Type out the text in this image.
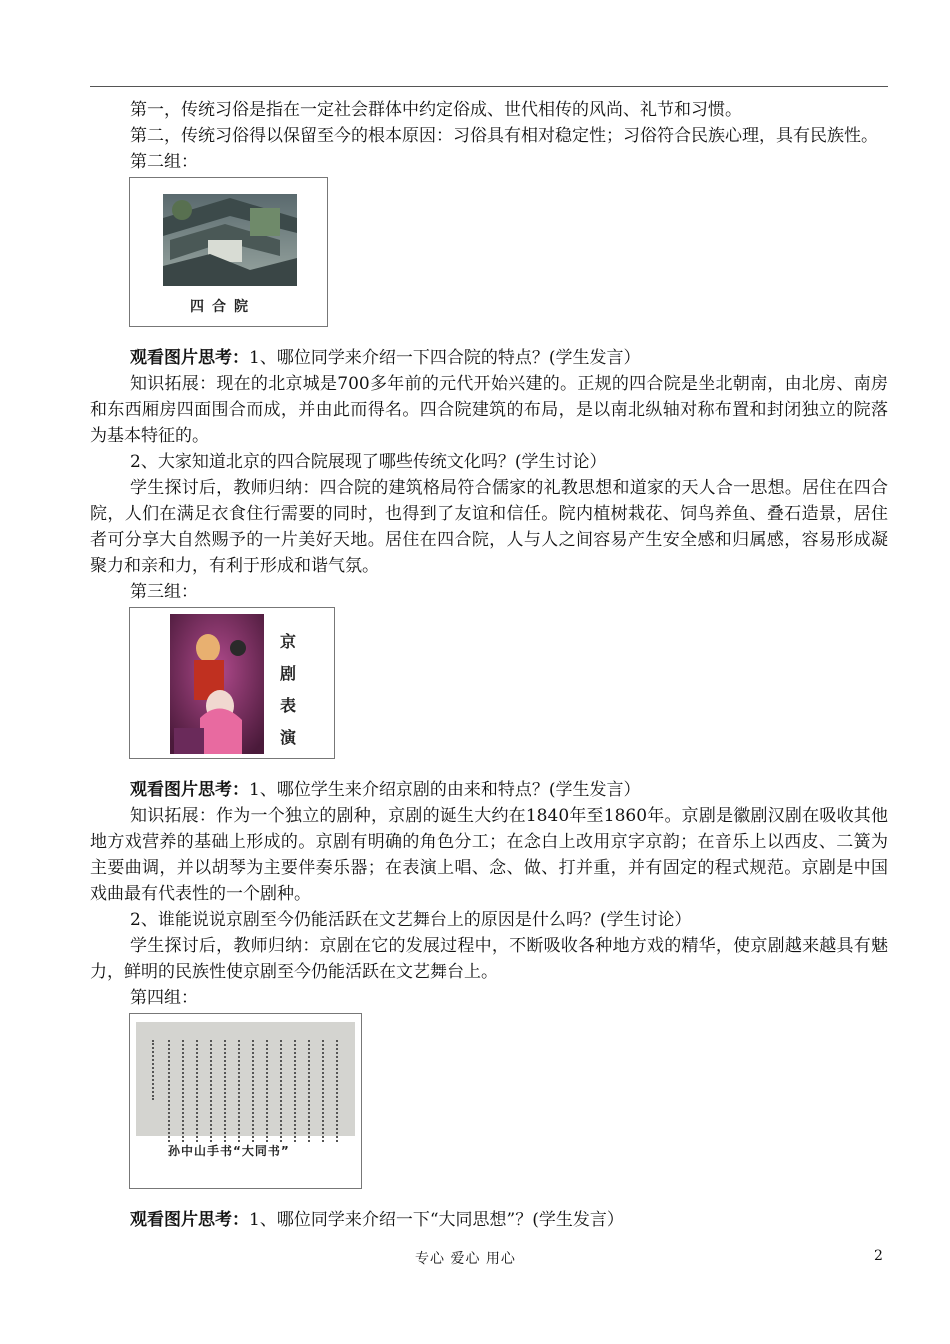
第一，传统习俗是指在一定社会群体中约定俗成、世代相传的风尚、礼节和习惯。

第二，传统习俗得以保留至今的根本原因：习俗具有相对稳定性；习俗符合民族心理，具有民族性。

第二组：

四合院

观看图片思考：1、哪位同学来介绍一下四合院的特点？(学生发言）

知识拓展：现在的北京城是700多年前的元代开始兴建的。正规的四合院是坐北朝南，由北房、南房和东西厢房四面围合而成，并由此而得名。四合院建筑的布局，是以南北纵轴对称布置和封闭独立的院落为基本特征的。

2、大家知道北京的四合院展现了哪些传统文化吗？(学生讨论）

学生探讨后，教师归纳：四合院的建筑格局符合儒家的礼教思想和道家的天人合一思想。居住在四合院，人们在满足衣食住行需要的同时，也得到了友谊和信任。院内植树栽花、饲鸟养鱼、叠石造景，居住者可分享大自然赐予的一片美好天地。居住在四合院，人与人之间容易产生安全感和归属感，容易形成凝聚力和亲和力，有利于形成和谐气氛。

第三组：

京剧表演

观看图片思考：1、哪位学生来介绍京剧的由来和特点？(学生发言）

知识拓展：作为一个独立的剧种，京剧的诞生大约在1840年至1860年。京剧是徽剧汉剧在吸收其他地方戏营养的基础上形成的。京剧有明确的角色分工；在念白上改用京字京韵；在音乐上以西皮、二簧为主要曲调，并以胡琴为主要伴奏乐器；在表演上唱、念、做、打并重，并有固定的程式规范。京剧是中国戏曲最有代表性的一个剧种。

2、谁能说说京剧至今仍能活跃在文艺舞台上的原因是什么吗？(学生讨论）

学生探讨后，教师归纳：京剧在它的发展过程中，不断吸收各种地方戏的精华，使京剧越来越具有魅力，鲜明的民族性使京剧至今仍能活跃在文艺舞台上。

第四组：

孙中山手书“大同书”

观看图片思考：1、哪位同学来介绍一下“大同思想”？(学生发言）

专心 爱心 用心	2
